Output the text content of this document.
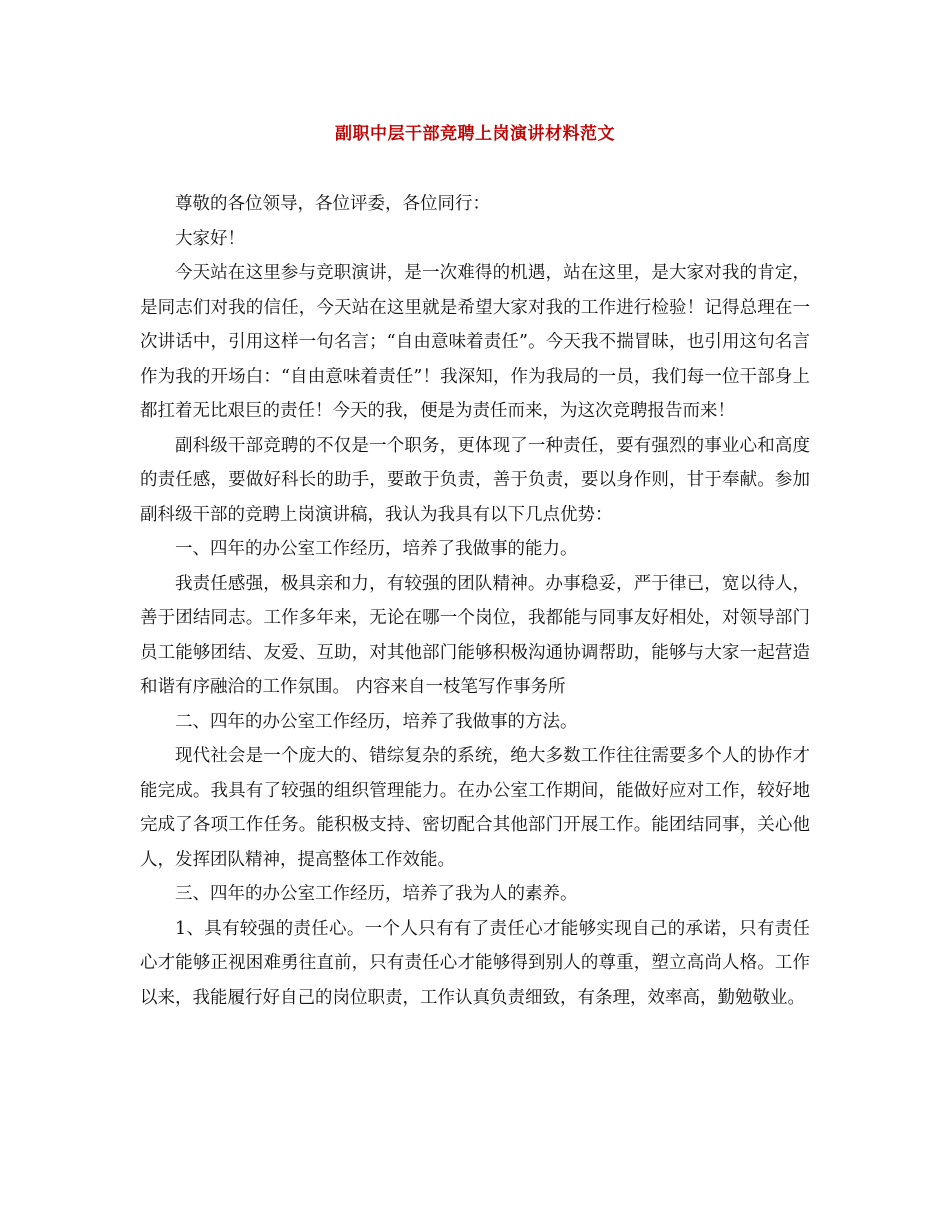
副职中层干部竞聘上岗演讲材料范文

尊敬的各位领导，各位评委，各位同行：

大家好！

今天站在这里参与竞职演讲，是一次难得的机遇，站在这里，是大家对我的肯定，是同志们对我的信任，今天站在这里就是希望大家对我的工作进行检验！记得总理在一次讲话中，引用这样一句名言；“自由意味着责任”。今天我不揣冒昧，也引用这句名言作为我的开场白：“自由意味着责任”！我深知，作为我局的一员，我们每一位干部身上都扛着无比艰巨的责任！今天的我，便是为责任而来，为这次竞聘报告而来！

副科级干部竞聘的不仅是一个职务，更体现了一种责任，要有强烈的事业心和高度的责任感，要做好科长的助手，要敢于负责，善于负责，要以身作则，甘于奉献。参加副科级干部的竞聘上岗演讲稿，我认为我具有以下几点优势：

一、四年的办公室工作经历，培养了我做事的能力。

我责任感强，极具亲和力，有较强的团队精神。办事稳妥，严于律已，宽以待人，善于团结同志。工作多年来，无论在哪一个岗位，我都能与同事友好相处，对领导部门员工能够团结、友爱、互助，对其他部门能够积极沟通协调帮助，能够与大家一起营造和谐有序融洽的工作氛围。 内容来自一枝笔写作事务所

二、四年的办公室工作经历，培养了我做事的方法。

现代社会是一个庞大的、错综复杂的系统，绝大多数工作往往需要多个人的协作才能完成。我具有了较强的组织管理能力。在办公室工作期间，能做好应对工作，较好地完成了各项工作任务。能积极支持、密切配合其他部门开展工作。能团结同事，关心他人，发挥团队精神，提高整体工作效能。

三、四年的办公室工作经历，培养了我为人的素养。

1、具有较强的责任心。一个人只有有了责任心才能够实现自己的承诺，只有责任心才能够正视困难勇往直前，只有责任心才能够得到别人的尊重，塑立高尚人格。工作以来，我能履行好自己的岗位职责，工作认真负责细致，有条理，效率高，勤勉敬业。
